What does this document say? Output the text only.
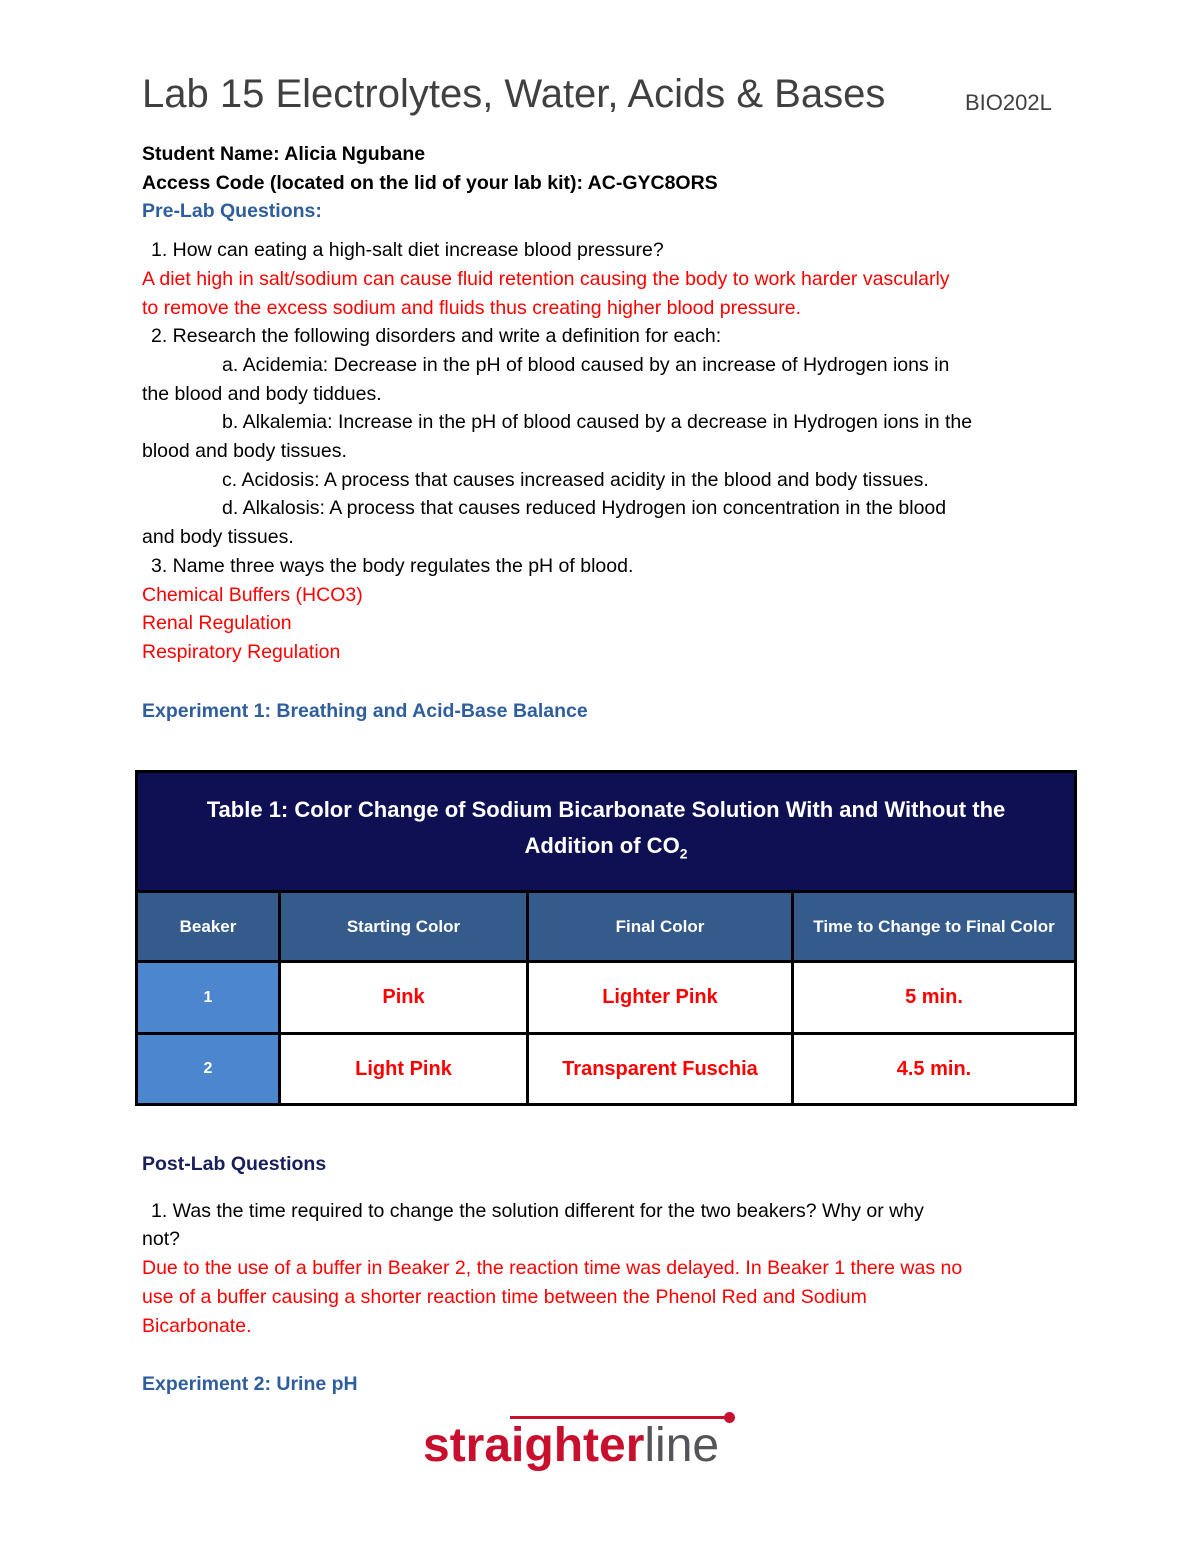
Lab 15 Electrolytes, Water, Acids & Bases	BIO202L
Student Name: Alicia Ngubane
Access Code (located on the lid of your lab kit): AC-GYC8ORS
Pre-Lab Questions:
1. How can eating a high-salt diet increase blood pressure?
A diet high in salt/sodium can cause fluid retention causing the body to work harder vascularly
to remove the excess sodium and fluids thus creating higher blood pressure.
2. Research the following disorders and write a definition for each:
a. Acidemia: Decrease in the pH of blood caused by an increase of Hydrogen ions in
the blood and body tiddues.
b. Alkalemia: Increase in the pH of blood caused by a decrease in Hydrogen ions in the
blood and body tissues.
c. Acidosis: A process that causes increased acidity in the blood and body tissues.
d. Alkalosis: A process that causes reduced Hydrogen ion concentration in the blood
and body tissues.
3. Name three ways the body regulates the pH of blood.
Chemical Buffers (HCO3)
Renal Regulation
Respiratory Regulation
Experiment 1: Breathing and Acid-Base Balance
Table 1: Color Change of Sodium Bicarbonate Solution With and Without the
Addition of $CO_2$
Beaker	Starting Color	Final Color	Time to Change to Final Color
1	Pink	Lighter Pink	5 min.
2	Light Pink	Transparent Fuschia	4.5 min.
Post-Lab Questions
1. Was the time required to change the solution different for the two beakers? Why or why
not?
Due to the use of a buffer in Beaker 2, the reaction time was delayed. In Beaker 1 there was no
use of a buffer causing a shorter reaction time between the Phenol Red and Sodium
Bicarbonate.
Experiment 2: Urine pH
straighterline
